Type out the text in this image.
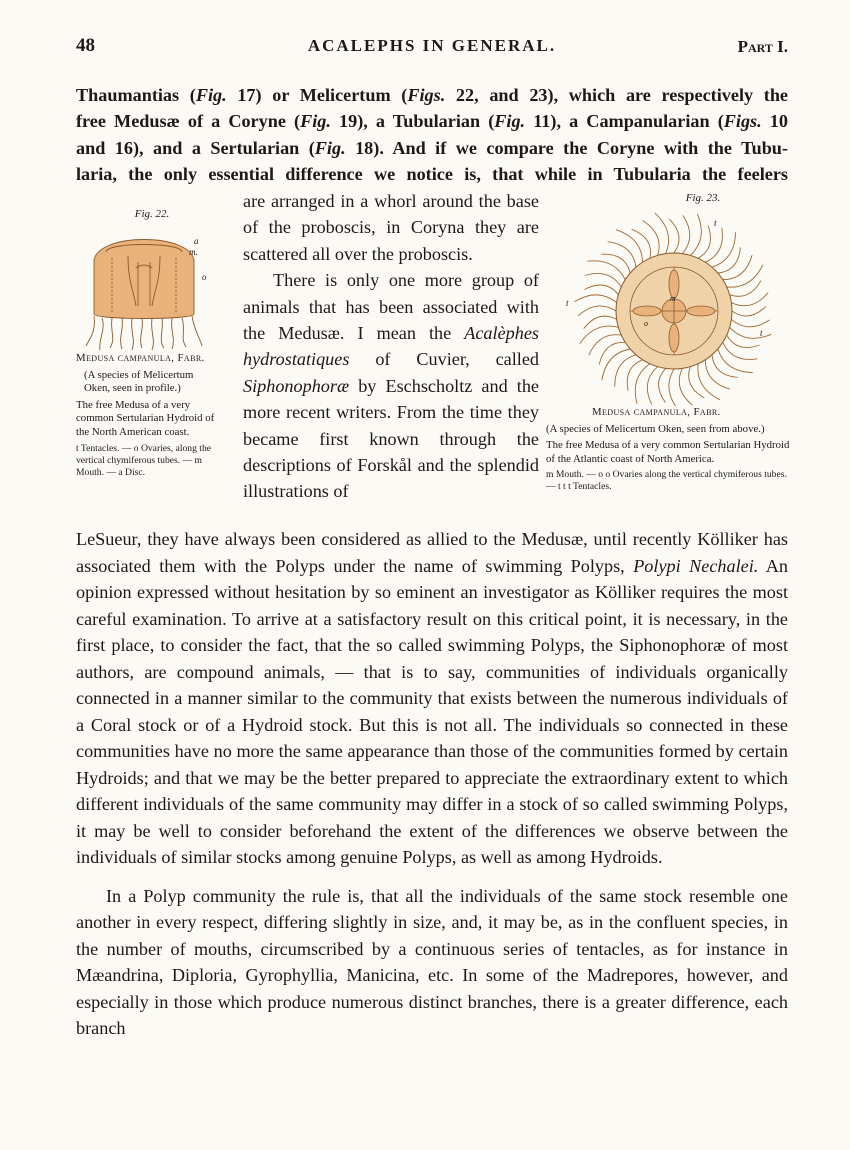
48	ACALEPHS IN GENERAL.	Part I.

Thaumantias (Fig. 17) or Melicertum (Figs. 22, and 23), which are respectively the

free Medusæ of a Coryne (Fig. 19), a Tubularian (Fig. 11), a Campanularian (Figs. 10

and 16), and a Sertularian (Fig. 18). And if we compare the Coryne with the Tubu-

laria, the only essential difference we notice is, that while in Tubularia the feelers

Fig. 22.
a
m.
o

Medusa campanula, Fabr.

(A species of Melicertum
Oken, seen in profile.)

The free Medusa of a very common Sertularian Hydroid of the North American coast.

t Tentacles. — o Ovaries, along the vertical chymiferous tubes. — m Mouth. — a Disc.

are arranged in a whorl around the base of the proboscis, in Coryna they are scattered all over the proboscis.

There is only one more group of animals that has been associated with the Medusæ. I mean the Acalèphes hydrostatiques of Cuvier, called Siphonophoræ by Eschscholtz and the more recent writers. From the time they became first known through the descriptions of Forskål and the splendid illustrations of

Fig. 23.
t
t
t
o
m

Medusa campanula, Fabr.

(A species of Melicertum Oken, seen from above.)

The free Medusa of a very common Sertularian Hydroid of the Atlantic coast of North America.

m Mouth. — o o Ovaries along the vertical chymiferous tubes. — t t t Tentacles.

LeSueur, they have always been considered as allied to the Medusæ, until recently Kölliker has associated them with the Polyps under the name of swimming Polyps, Polypi Nechalei. An opinion expressed without hesitation by so eminent an investigator as Kölliker requires the most careful examination. To arrive at a satisfactory result on this critical point, it is necessary, in the first place, to consider the fact, that the so called swimming Polyps, the Siphonophoræ of most authors, are compound animals, — that is to say, communities of individuals organically connected in a manner similar to the community that exists between the numerous individuals of a Coral stock or of a Hydroid stock. But this is not all. The individuals so connected in these communities have no more the same appearance than those of the communities formed by certain Hydroids; and that we may be the better prepared to appreciate the extraordinary extent to which different individuals of the same community may differ in a stock of so called swimming Polyps, it may be well to consider beforehand the extent of the differences we observe between the individuals of similar stocks among genuine Polyps, as well as among Hydroids.

In a Polyp community the rule is, that all the individuals of the same stock resemble one another in every respect, differing slightly in size, and, it may be, as in the confluent species, in the number of mouths, circumscribed by a continuous series of tentacles, as for instance in Mæandrina, Diploria, Gyrophyllia, Manicina, etc. In some of the Madrepores, however, and especially in those which produce numerous distinct branches, there is a greater difference, each branch
